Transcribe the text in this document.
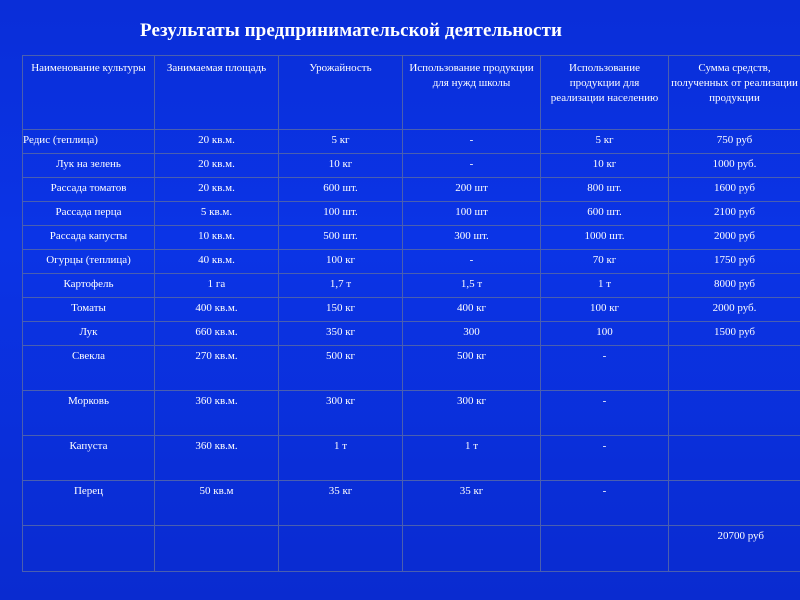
Результаты предпринимательской деятельности
Наименование культуры	Занимаемая площадь	Урожайность	Использование продукции для нужд школы	Использование продукции для реализации населению	Сумма средств, полученных от реализации продукции
Редис (теплица)	20 кв.м.	5 кг	-	5 кг	750 руб
Лук на зелень	20 кв.м.	10 кг	-	10 кг	1000 руб.
Рассада томатов	20 кв.м.	600 шт.	200 шт	800 шт.	1600 руб
Рассада перца	5 кв.м.	100 шт.	100 шт	600 шт.	2100 руб
Рассада капусты	10 кв.м.	500 шт.	300 шт.	1000 шт.	2000 руб
Огурцы (теплица)	40 кв.м.	100 кг	-	70 кг	1750 руб
Картофель	1 га	1,7 т	1,5 т	1 т	8000 руб
Томаты	400 кв.м.	150 кг	400 кг	100 кг	2000 руб.
Лук	660 кв.м.	350 кг	300	100	1500 руб
Свекла	270 кв.м.	500 кг	500 кг	-	
Морковь	360 кв.м.	300 кг	300 кг	-	
Капуста	360 кв.м.	1 т	1 т	-	
Перец	50 кв.м	35 кг	35 кг	-	
					20700 руб
